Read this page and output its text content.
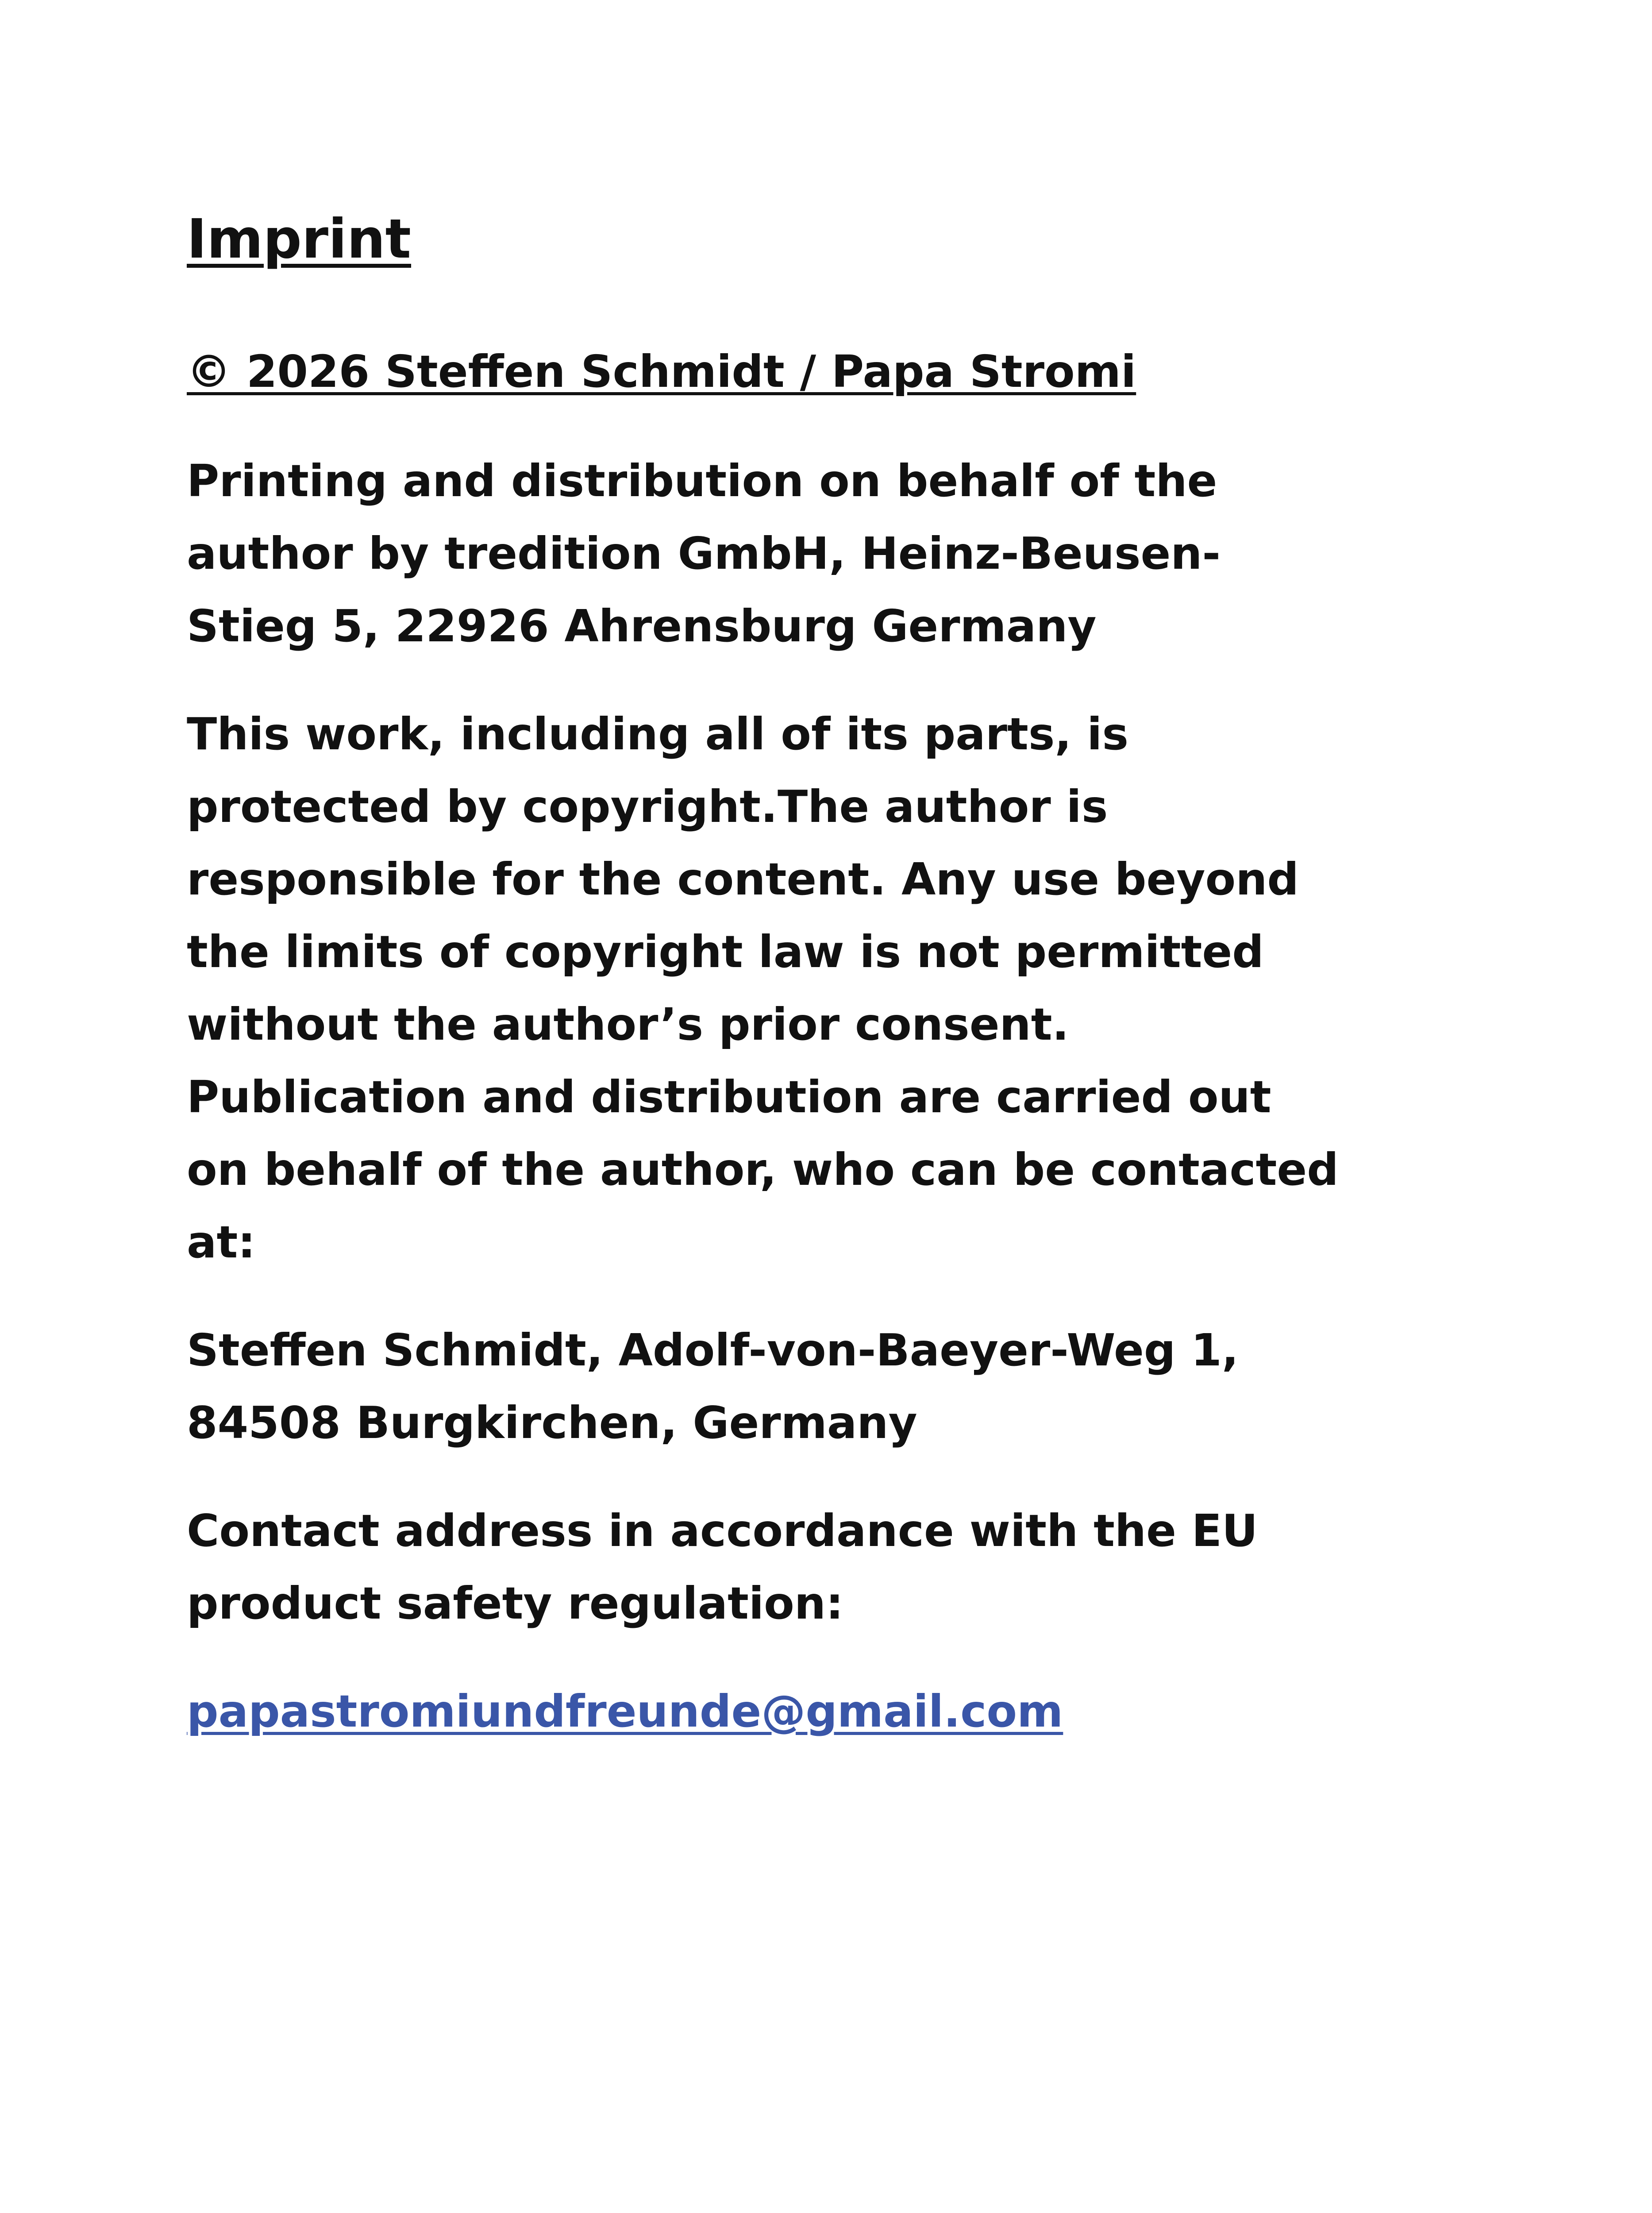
Imprint
© 2026 Steffen Schmidt / Papa Stromi
Printing and distribution on behalf of the
author by tredition GmbH, Heinz-Beusen-
Stieg 5, 22926 Ahrensburg Germany
This work, including all of its parts, is
protected by copyright.The author is
responsible for the content. Any use beyond
the limits of copyright law is not permitted
without the author’s prior consent.
Publication and distribution are carried out
on behalf of the author, who can be contacted
at:
Steffen Schmidt, Adolf-von-Baeyer-Weg 1,
84508 Burgkirchen, Germany
Contact address in accordance with the EU
product safety regulation:
papastromiundfreunde@gmail.com
